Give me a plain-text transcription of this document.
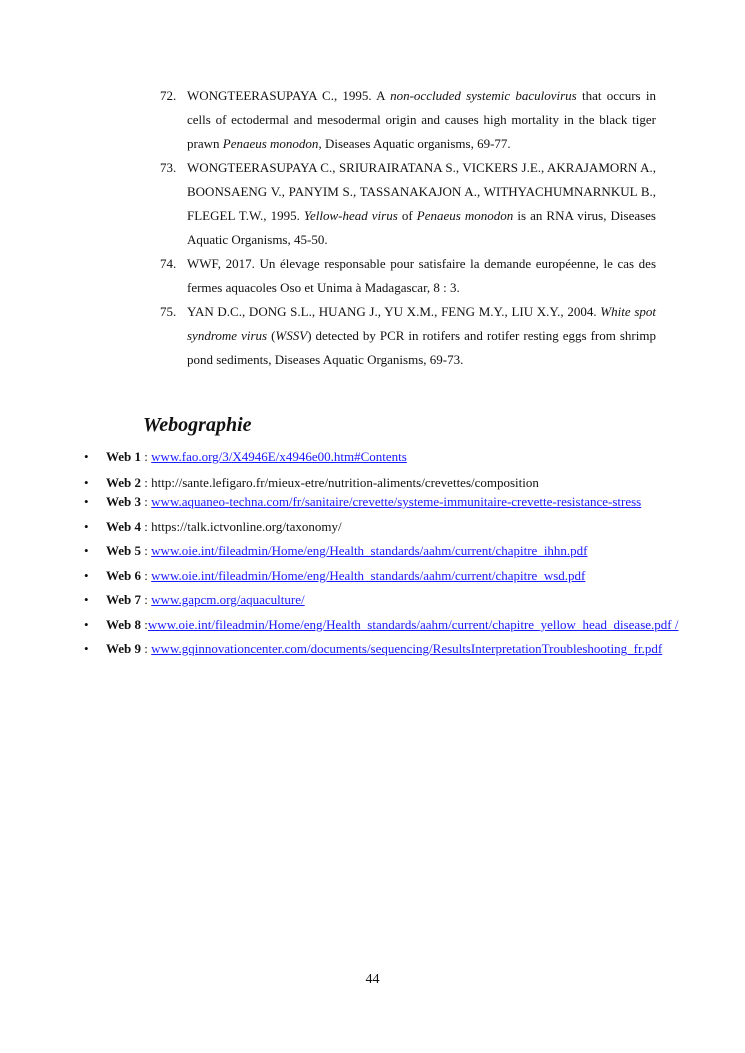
72. WONGTEERASUPAYA C., 1995. A non-occluded systemic baculovirus that occurs in cells of ectodermal and mesodermal origin and causes high mortality in the black tiger prawn Penaeus monodon, Diseases Aquatic organisms, 69-77.
73. WONGTEERASUPAYA C., SRIURAIRATANA S., VICKERS J.E., AKRAJAMORN A., BOONSAENG V., PANYIM S., TASSANAKAJON A., WITHYACHUMNARNKUL B., FLEGEL T.W., 1995. Yellow-head virus of Penaeus monodon is an RNA virus, Diseases Aquatic Organisms, 45-50.
74. WWF, 2017. Un élevage responsable pour satisfaire la demande européenne, le cas des fermes aquacoles Oso et Unima à Madagascar, 8 : 3.
75. YAN D.C., DONG S.L., HUANG J., YU X.M., FENG M.Y., LIU X.Y., 2004. White spot syndrome virus (WSSV) detected by PCR in rotifers and rotifer resting eggs from shrimp pond sediments, Diseases Aquatic Organisms, 69-73.
Webographie
• Web 1 : www.fao.org/3/X4946E/x4946e00.htm#Contents
• Web 2 : http://sante.lefigaro.fr/mieux-etre/nutrition-aliments/crevettes/composition
• Web 3 : www.aquaneo-techna.com/fr/sanitaire/crevette/systeme-immunitaire-crevette-resistance-stress
• Web 4 : https://talk.ictvonline.org/taxonomy/
• Web 5 : www.oie.int/fileadmin/Home/eng/Health_standards/aahm/current/chapitre_ihhn.pdf
• Web 6 : www.oie.int/fileadmin/Home/eng/Health_standards/aahm/current/chapitre_wsd.pdf
• Web 7 : www.gapcm.org/aquaculture/
• Web 8 :www.oie.int/fileadmin/Home/eng/Health_standards/aahm/current/chapitre_yellow_head_disease.pdf /
• Web 9 : www.gqinnovationcenter.com/documents/sequencing/ResultsInterpretationTroubleshooting_fr.pdf
44
